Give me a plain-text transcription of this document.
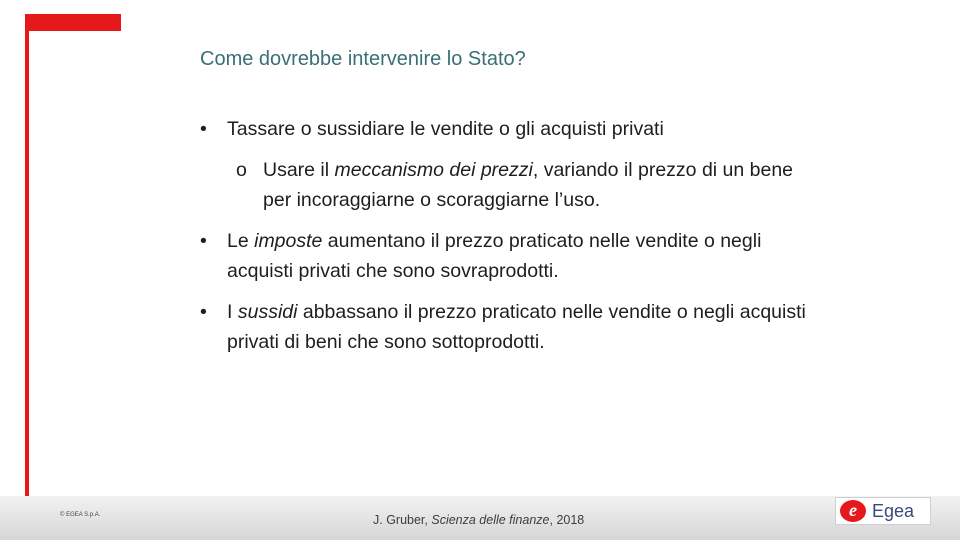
Come dovrebbe intervenire lo Stato?
• Tassare o sussidiare le vendite o gli acquisti privati
o Usare il meccanismo dei prezzi, variando il prezzo di un bene per incoraggiarne o scoraggiarne l’uso.
• Le imposte aumentano il prezzo praticato nelle vendite o negli acquisti privati che sono sovraprodotti.
• I sussidi abbassano il prezzo praticato nelle vendite o negli acquisti privati di beni che sono sottoprodotti.
© EGEA S.p.A.	J. Gruber, Scienza delle finanze, 2018	e Egea
